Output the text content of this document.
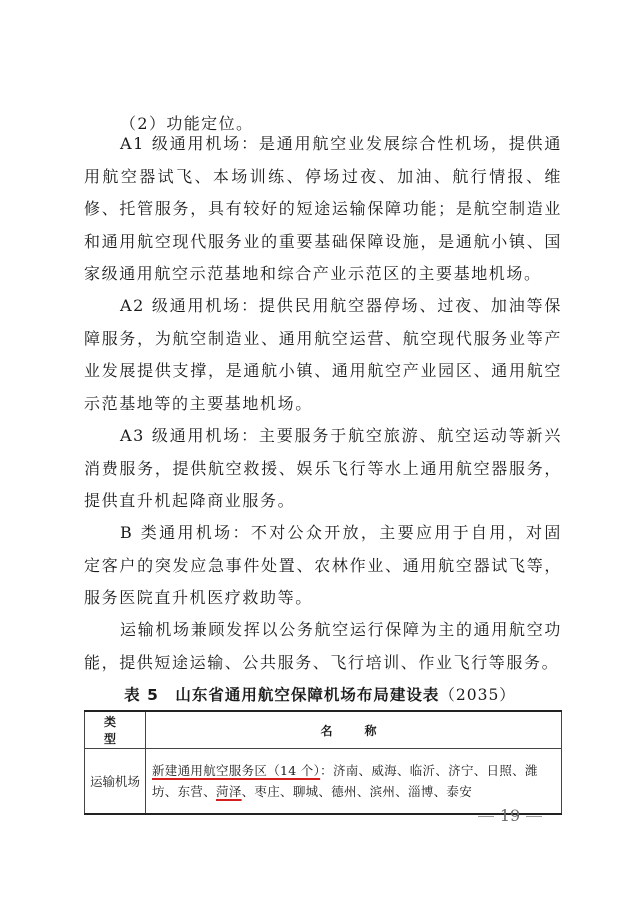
（2）功能定位。

A1 级通用机场：是通用航空业发展综合性机场，提供通用航空器试飞、本场训练、停场过夜、加油、航行情报、维修、托管服务，具有较好的短途运输保障功能；是航空制造业和通用航空现代服务业的重要基础保障设施，是通航小镇、国家级通用航空示范基地和综合产业示范区的主要基地机场。

A2 级通用机场：提供民用航空器停场、过夜、加油等保障服务，为航空制造业、通用航空运营、航空现代服务业等产业发展提供支撑，是通航小镇、通用航空产业园区、通用航空示范基地等的主要基地机场。

A3 级通用机场：主要服务于航空旅游、航空运动等新兴消费服务，提供航空救援、娱乐飞行等水上通用航空器服务，提供直升机起降商业服务。

B 类通用机场：不对公众开放，主要应用于自用，对固定客户的突发应急事件处置、农林作业、通用航空器试飞等，服务医院直升机医疗救助等。

运输机场兼顾发挥以公务航空运行保障为主的通用航空功能，提供短途运输、公共服务、飞行培训、作业飞行等服务。

表 5　山东省通用航空保障机场布局建设表（2035）
类　型	名　称
运输机场	新建通用航空服务区（14 个）：济南、威海、临沂、济宁、日照、潍坊、东营、菏泽、枣庄、聊城、德州、滨州、淄博、泰安
19
